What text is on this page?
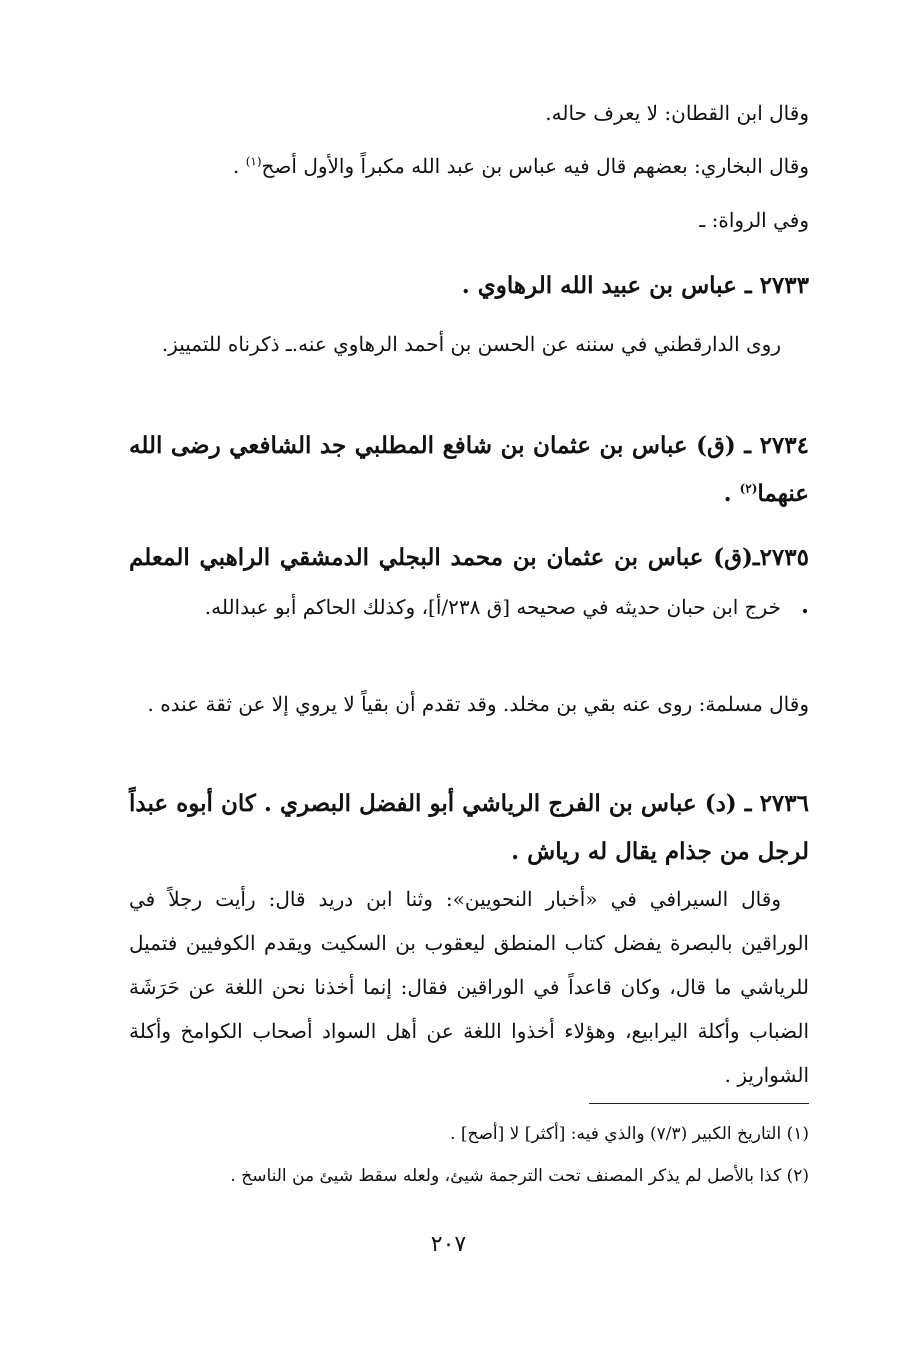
وقال ابن القطان: لا يعرف حاله.
وقال البخاري: بعضهم قال فيه عباس بن عبد الله مكبراً والأول أصح$^{(١)}$ .
وفي الرواة: ـ
٢٧٣٣ ـ عباس بن عبيد الله الرهاوي .
روى الدارقطني في سننه عن الحسن بن أحمد الرهاوي عنه.ـ ذكرناه للتمييز.
٢٧٣٤ ـ (ق) عباس بن عثمان بن شافع المطلبي جد الشافعي رضى الله عنهما$^{(٢)}$ .
٢٧٣٥ـ(ق) عباس بن عثمان بن محمد البجلي الدمشقي الراهبي المعلم .
خرج ابن حبان حديثه في صحيحه [ق ٢٣٨/أ]، وكذلك الحاكم أبو عبدالله.
وقال مسلمة: روى عنه بقي بن مخلد. وقد تقدم أن بقياً لا يروي إلا عن ثقة عنده .
٢٧٣٦ ـ (د) عباس بن الفرج الرياشي أبو الفضل البصري . كان أبوه عبداً لرجل من جذام يقال له رياش .
وقال السيرافي في «أخبار النحويين»: وثنا ابن دريد قال: رأيت رجلاً في الوراقين بالبصرة يفضل كتاب المنطق ليعقوب بن السكيت ويقدم الكوفيين فتميل للرياشي ما قال، وكان قاعداً في الوراقين فقال: إنما أخذنا نحن اللغة عن حَرَشَة الضباب وأكلة اليرابيع، وهؤلاء أخذوا اللغة عن أهل السواد أصحاب الكوامخ وأكلة الشواريز .
(١) التاريخ الكبير (٧/٣) والذي فيه: [أكثر] لا [أصح] .
(٢) كذا بالأصل لم يذكر المصنف تحت الترجمة شيئ، ولعله سقط شيئ من الناسخ .
٢٠٧
